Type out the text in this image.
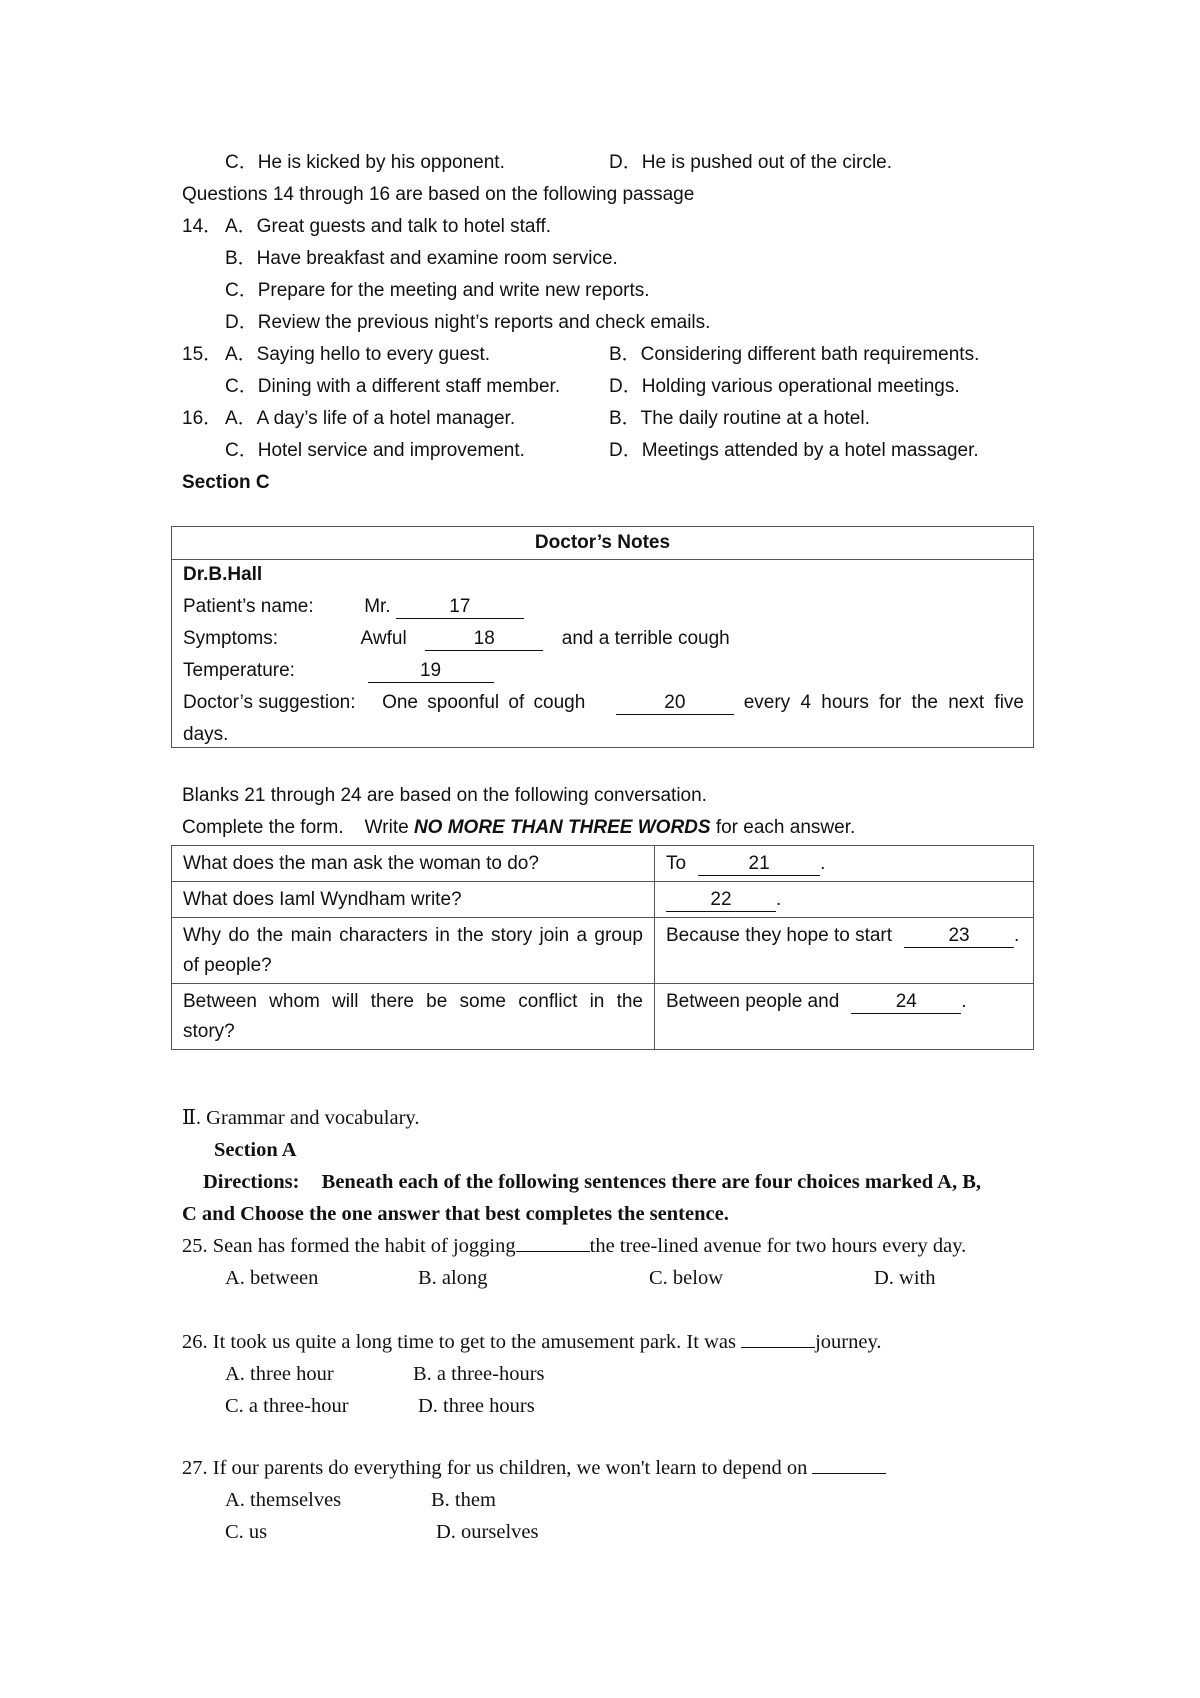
C．He is kicked by his opponent.	D．He is pushed out of the circle.
Questions 14 through 16 are based on the following passage
14． A．Great guests and talk to hotel staff.
B．Have breakfast and examine room service.
C．Prepare for the meeting and write new reports.
D．Review the previous night’s reports and check emails.
15． A．Saying hello to every guest.	B．Considering different bath requirements.
C．Dining with a different staff member.	D．Holding various operational meetings.
16． A．A day’s life of a hotel manager.	B．The daily routine at a hotel.
C．Hotel service and improvement.	D．Meetings attended by a hotel massager.
Section C
Doctor’s Notes
Dr.B.Hall
Patient’s name:	Mr.	17
Symptoms:	Awful	18	and a terrible cough
Temperature:	19
Doctor’s suggestion: One spoonful of cough	20	every 4 hours for the next five
days.
Blanks 21 through 24 are based on the following conversation.
Complete the form.    Write NO MORE THAN THREE WORDS for each answer.
What does the man ask the woman to do?	To 21 .
What does Iaml Wyndham write?	22 .
Why do the main characters in the story join a group of people?	Because they hope to start 23 .
Between whom will there be some conflict in the story?	Between people and 24 .
Ⅱ. Grammar and vocabulary.
Section A
Directions: Beneath each of the following sentences there are four choices marked A, B,
C and Choose the one answer that best completes the sentence.
25. Sean has formed the habit of jogging	the tree-lined avenue for two hours every day.
A. between	B. along	C. below	D. with
26. It took us quite a long time to get to the amusement park. It was	journey.
A. three hour	B. a three-hours
C. a three-hour	D. three hours
27. If our parents do everything for us children, we won't learn to depend on
A. themselves	B. them
C. us	D. ourselves
